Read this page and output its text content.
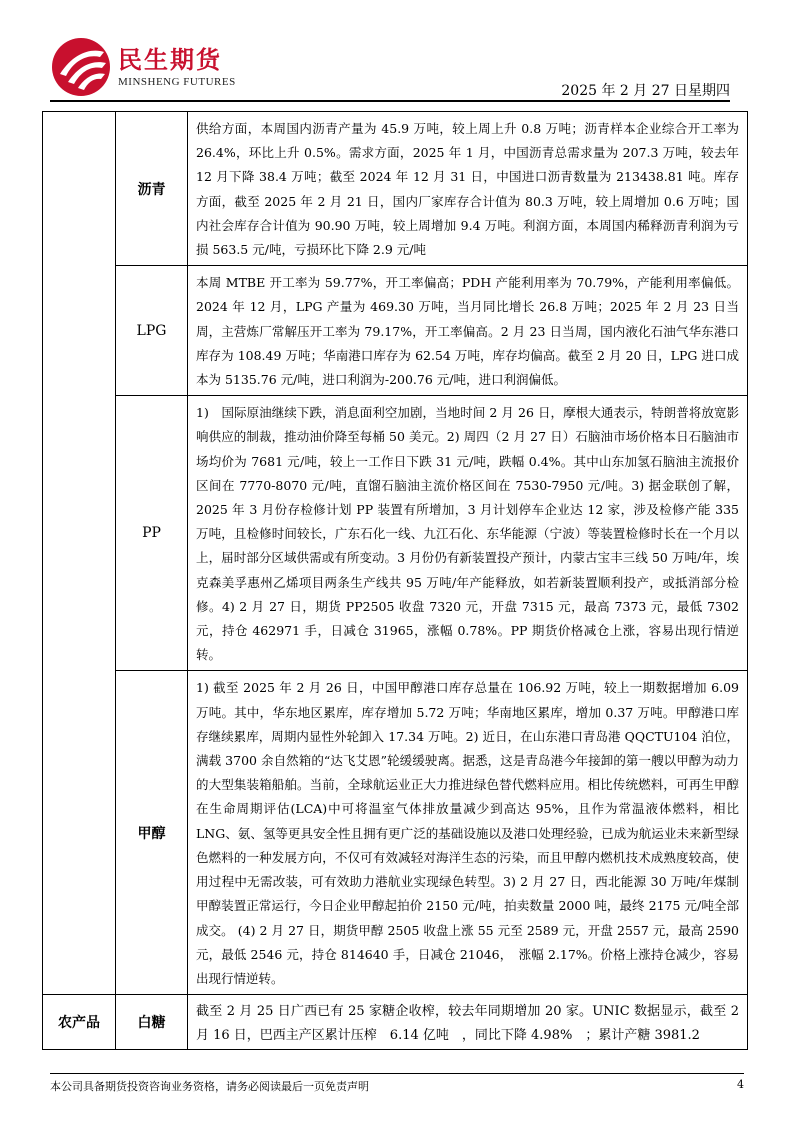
民生期货
MINSHENG FUTURES
2025 年 2 月 27 日星期四
	沥青	供给方面，本周国内沥青产量为 45.9 万吨，较上周上升 0.8 万吨；沥青样本企业综合开工率为 26.4%，环比上升 0.5%。需求方面，2025 年 1 月，中国沥青总需求量为 207.3 万吨，较去年 12 月下降 38.4 万吨；截至 2024 年 12 月 31 日，中国进口沥青数量为 213438.81 吨。库存方面，截至 2025 年 2 月 21 日，国内厂家库存合计值为 80.3 万吨，较上周增加 0.6 万吨；国内社会库存合计值为 90.90 万吨，较上周增加 9.4 万吨。利润方面，本周国内稀释沥青利润为亏损 563.5 元/吨，亏损环比下降 2.9 元/吨
	LPG	本周 MTBE 开工率为 59.77%，开工率偏高；PDH 产能利用率为 70.79%，产能利用率偏低。2024 年 12 月，LPG 产量为 469.30 万吨，当月同比增长 26.8 万吨；2025 年 2 月 23 日当周，主营炼厂常解压开工率为 79.17%，开工率偏高。2 月 23 日当周，国内液化石油气华东港口库存为 108.49 万吨；华南港口库存为 62.54 万吨，库存均偏高。截至 2 月 20 日，LPG 进口成本为 5135.76 元/吨，进口利润为-200.76 元/吨，进口利润偏低。
	PP	1)　国际原油继续下跌，消息面利空加剧，当地时间 2 月 26 日，摩根大通表示，特朗普将放宽影响供应的制裁，推动油价降至每桶 50 美元。2) 周四（2 月 27 日）石脑油市场价格本日石脑油市场均价为 7681 元/吨，较上一工作日下跌 31 元/吨，跌幅 0.4%。其中山东加氢石脑油主流报价区间在 7770-8070 元/吨，直馏石脑油主流价格区间在 7530-7950 元/吨。3) 据金联创了解，2025 年 3 月份存检修计划 PP 装置有所增加，3 月计划停车企业达 12 家，涉及检修产能 335 万吨，且检修时间较长，广东石化一线、九江石化、东华能源（宁波）等装置检修时长在一个月以上，届时部分区域供需或有所变动。3 月份仍有新装置投产预计，内蒙古宝丰三线 50 万吨/年，埃克森美孚惠州乙烯项目两条生产线共 95 万吨/年产能释放，如若新装置顺利投产，或抵消部分检修。4) 2 月 27 日，期货 PP2505 收盘 7320 元，开盘 7315 元，最高 7373 元，最低 7302 元，持仓 462971 手，日减仓 31965，涨幅 0.78%。PP 期货价格减仓上涨，容易出现行情逆转。
	甲醇	1) 截至 2025 年 2 月 26 日，中国甲醇港口库存总量在 106.92 万吨，较上一期数据增加 6.09 万吨。其中，华东地区累库，库存增加 5.72 万吨；华南地区累库，增加 0.37 万吨。甲醇港口库存继续累库，周期内显性外轮卸入 17.34 万吨。2) 近日，在山东港口青岛港 QQCTU104 泊位，满载 3700 余自然箱的“达飞艾恩”轮缓缓驶离。据悉，这是青岛港今年接卸的第一艘以甲醇为动力的大型集装箱船舶。当前，全球航运业正大力推进绿色替代燃料应用。相比传统燃料，可再生甲醇在生命周期评估(LCA)中可将温室气体排放量减少到高达 95%，且作为常温液体燃料，相比 LNG、氨、氢等更具安全性且拥有更广泛的基础设施以及港口处理经验，已成为航运业未来新型绿色燃料的一种发展方向，不仅可有效减轻对海洋生态的污染，而且甲醇内燃机技术成熟度较高，使用过程中无需改装，可有效助力港航业实现绿色转型。3) 2 月 27 日，西北能源 30 万吨/年煤制甲醇装置正常运行，今日企业甲醇起拍价 2150 元/吨，拍卖数量 2000 吨，最终 2175 元/吨全部成交。 (4) 2 月 27 日，期货甲醇 2505 收盘上涨 55 元至 2589 元，开盘 2557 元，最高 2590 元，最低 2546 元，持仓 814640 手，日减仓 21046，　涨幅 2.17%。价格上涨持仓减少，容易出现行情逆转。
农产品	白糖	截至 2 月 25 日广西已有 25 家糖企收榨，较去年同期增加 20 家。UNIC 数据显示，截至 2 月 16 日，巴西主产区累计压榨　6.14 亿吨　，同比下降 4.98%　；累计产糖 3981.2
本公司具备期货投资咨询业务资格，请务必阅读最后一页免责声明	4
